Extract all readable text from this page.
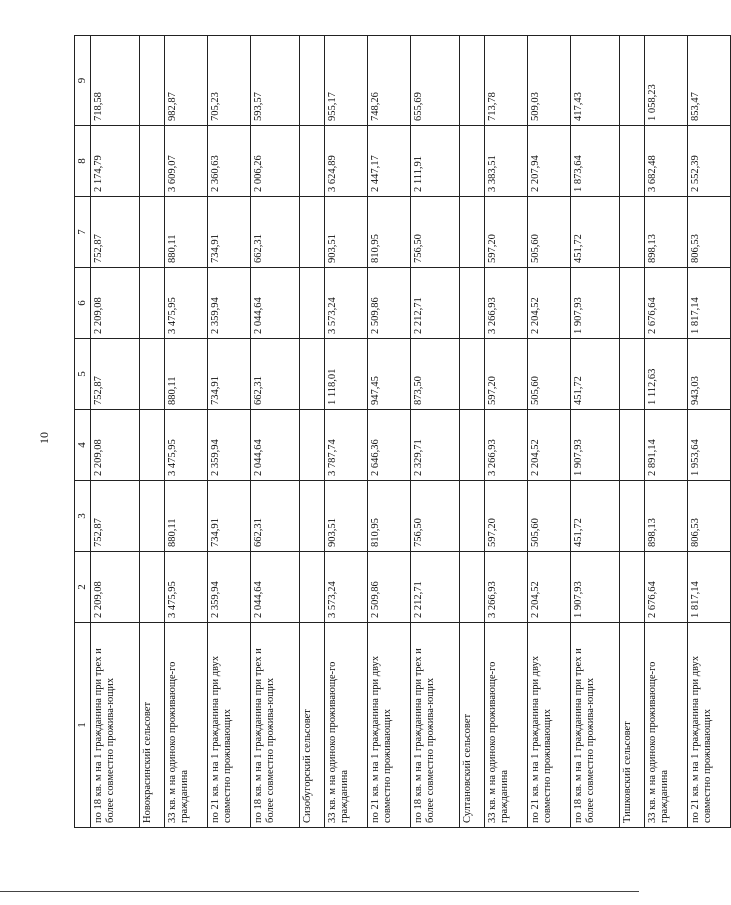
10
1	2	3	4	5	6	7	8	9
по 18 кв. м на 1 гражданина при трех и более совместно прожива-ющих	2 209,08	752,87	2 209,08	752,87	2 209,08	752,87	2 174,79	718,58
Новокрасинский сельсовет								
33 кв. м на одиноко проживающе-го гражданина	3 475,95	880,11	3 475,95	880,11	3 475,95	880,11	3 609,07	982,87
по 21 кв. м на 1 гражданина при двух совместно проживающих	2 359,94	734,91	2 359,94	734,91	2 359,94	734,91	2 360,63	705,23
по 18 кв. м на 1 гражданина при трех и более совместно прожива-ющих	2 044,64	662,31	2 044,64	662,31	2 044,64	662,31	2 006,26	593,57
Сизобугорский сельсовет								
33 кв. м на одиноко проживающе-го гражданина	3 573,24	903,51	3 787,74	1 118,01	3 573,24	903,51	3 624,89	955,17
по 21 кв. м на 1 гражданина при двух совместно проживающих	2 509,86	810,95	2 646,36	947,45	2 509,86	810,95	2 447,17	748,26
по 18 кв. м на 1 гражданина при трех и более совместно прожива-ющих	2 212,71	756,50	2 329,71	873,50	2 212,71	756,50	2 111,91	655,69
Султановский сельсовет								
33 кв. м на одиноко проживающе-го гражданина	3 266,93	597,20	3 266,93	597,20	3 266,93	597,20	3 383,51	713,78
по 21 кв. м на 1 гражданина при двух совместно проживающих	2 204,52	505,60	2 204,52	505,60	2 204,52	505,60	2 207,94	509,03
по 18 кв. м на 1 гражданина при трех и более совместно прожива-ющих	1 907,93	451,72	1 907,93	451,72	1 907,93	451,72	1 873,64	417,43
Тишковский сельсовет								
33 кв. м на одиноко проживающе-го гражданина	2 676,64	898,13	2 891,14	1 112,63	2 676,64	898,13	3 682,48	1 058,23
по 21 кв. м на 1 гражданина при двух совместно проживающих	1 817,14	806,53	1 953,64	943,03	1 817,14	806,53	2 552,39	853,47
